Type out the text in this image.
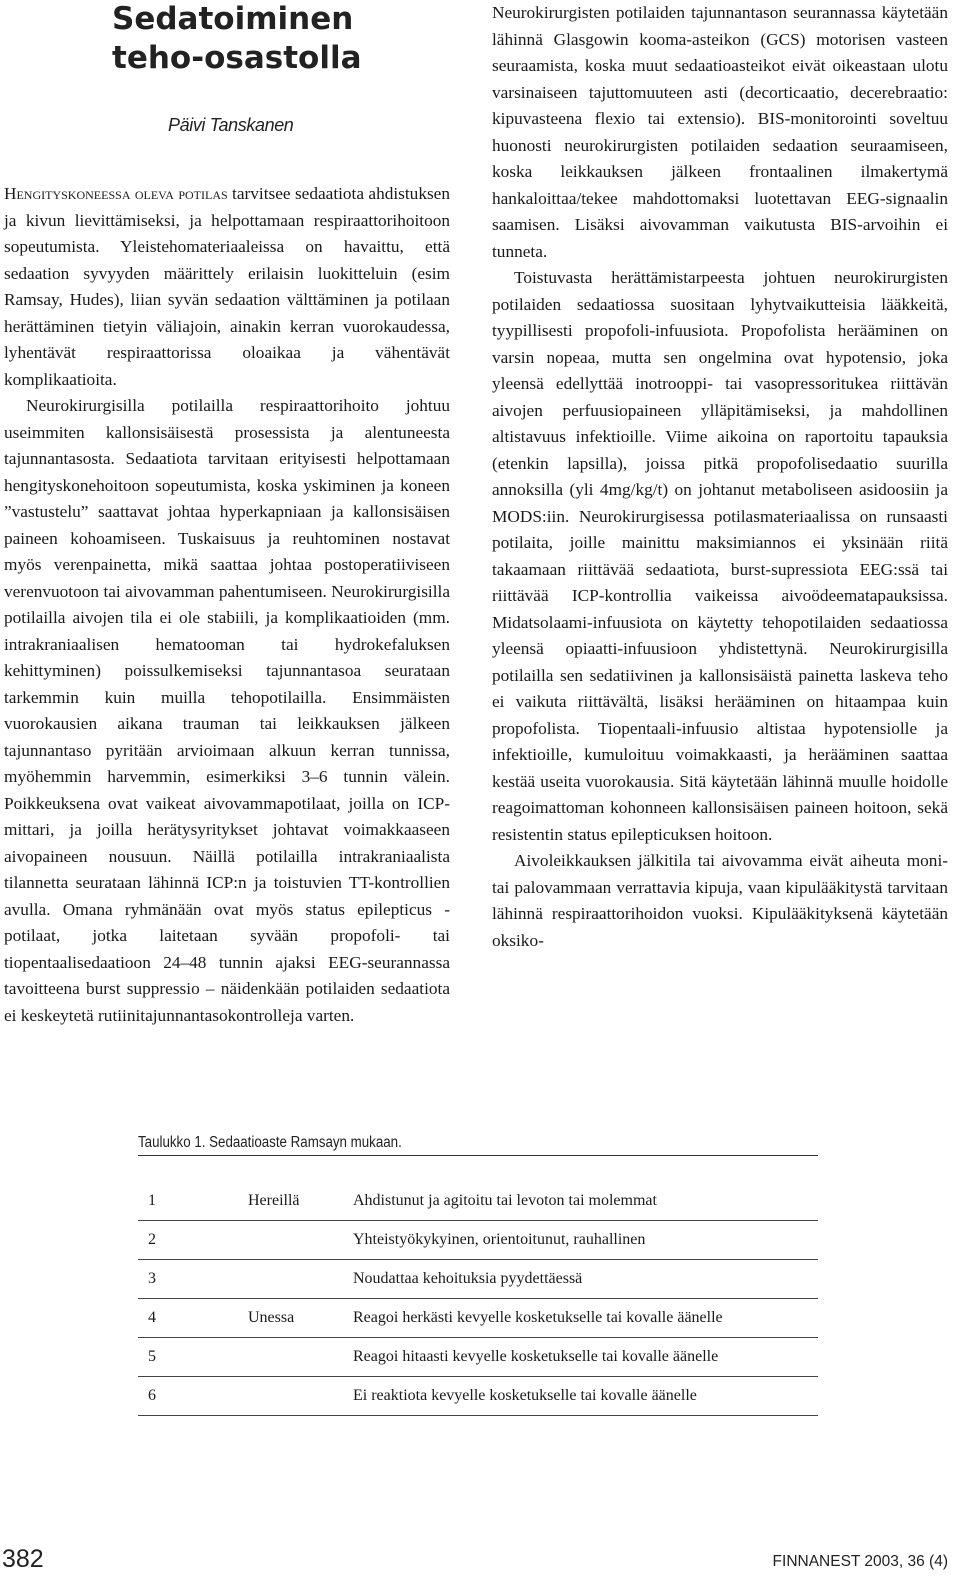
Sedatoiminen
teho-osastolla
Päivi Tanskanen

Hengityskoneessa oleva potilas tarvitsee sedaatiota ahdistuksen ja kivun lievittämiseksi, ja helpottamaan respiraattorihoitoon sopeutumista. Yleistehomateriaaleissa on havaittu, että sedaation syvyyden määrittely erilaisin luokitteluin (esim Ramsay, Hudes), liian syvän sedaation välttäminen ja potilaan herättäminen tietyin väliajoin, ainakin kerran vuorokaudessa, lyhentävät respiraattorissa oloaikaa ja vähentävät komplikaatioita.

Neurokirurgisilla potilailla respiraattorihoito johtuu useimmiten kallonsisäisestä prosessista ja alentuneesta tajunnantasosta. Sedaatiota tarvitaan erityisesti helpottamaan hengityskonehoitoon sopeutumista, koska yskiminen ja koneen ”vastustelu” saattavat johtaa hyperkapniaan ja kallonsisäisen paineen kohoamiseen. Tuskaisuus ja reuhtominen nostavat myös verenpainetta, mikä saattaa johtaa postoperatiiviseen verenvuotoon tai aivovamman pahentumiseen. Neurokirurgisilla potilailla aivojen tila ei ole stabiili, ja komplikaatioiden (mm. intrakraniaalisen hematooman tai hydrokefaluksen kehittyminen) poissulkemiseksi tajunnantasoa seurataan tarkemmin kuin muilla tehopotilailla. Ensimmäisten vuorokausien aikana trauman tai leikkauksen jälkeen tajunnantaso pyritään arvioimaan alkuun kerran tunnissa, myöhemmin harvemmin, esimerkiksi 3–6 tunnin välein. Poikkeuksena ovat vaikeat aivovammapotilaat, joilla on ICP-mittari, ja joilla herätysyritykset johtavat voimakkaaseen aivopaineen nousuun. Näillä potilailla intrakraniaalista tilannetta seurataan lähinnä ICP:n ja toistuvien TT-kontrollien avulla. Omana ryhmänään ovat myös status epilepticus -potilaat, jotka laitetaan syvään propofoli- tai tiopentaalisedaatioon 24–48 tunnin ajaksi EEG-seurannassa tavoitteena burst suppressio – näidenkään potilaiden sedaatiota ei keskeytetä rutiinitajunnantasokontrolleja varten.

Neurokirurgisten potilaiden tajunnantason seurannassa käytetään lähinnä Glasgowin kooma-asteikon (GCS) motorisen vasteen seuraamista, koska muut sedaatioasteikot eivät oikeastaan ulotu varsinaiseen tajuttomuuteen asti (decorticaatio, decerebraatio: kipuvasteena flexio tai extensio). BIS-monitorointi soveltuu huonosti neurokirurgisten potilaiden sedaation seuraamiseen, koska leikkauksen jälkeen frontaalinen ilmakertymä hankaloittaa/tekee mahdottomaksi luotettavan EEG-signaalin saamisen. Lisäksi aivovamman vaikutusta BIS-arvoihin ei tunneta.

Toistuvasta herättämistarpeesta johtuen neurokirurgisten potilaiden sedaatiossa suositaan lyhytvaikutteisia lääkkeitä, tyypillisesti propofoli-infuusiota. Propofolista herääminen on varsin nopeaa, mutta sen ongelmina ovat hypotensio, joka yleensä edellyttää inotrooppi- tai vasopressoritukea riittävän aivojen perfuusiopaineen ylläpitämiseksi, ja mahdollinen altistavuus infektioille. Viime aikoina on raportoitu tapauksia (etenkin lapsilla), joissa pitkä propofolisedaatio suurilla annoksilla (yli 4mg/kg/t) on johtanut metaboliseen asidoosiin ja MODS:iin. Neurokirurgisessa potilasmateriaalissa on runsaasti potilaita, joille mainittu maksimiannos ei yksinään riitä takaamaan riittävää sedaatiota, burst-supressiota EEG:ssä tai riittävää ICP-kontrollia vaikeissa aivoödeematapauksissa. Midatsolaami-infuusiota on käytetty tehopotilaiden sedaatiossa yleensä opiaatti-infuusioon yhdistettynä. Neurokirurgisilla potilailla sen sedatiivinen ja kallonsisäistä painetta laskeva teho ei vaikuta riittävältä, lisäksi herääminen on hitaampaa kuin propofolista. Tiopentaali-infuusio altistaa hypotensiolle ja infektioille, kumuloituu voimakkaasti, ja herääminen saattaa kestää useita vuorokausia. Sitä käytetään lähinnä muulle hoidolle reagoimattoman kohonneen kallonsisäisen paineen hoitoon, sekä resistentin status epilepticuksen hoitoon.

Aivoleikkauksen jälkitila tai aivovamma eivät aiheuta moni- tai palovammaan verrattavia kipuja, vaan kipulääkitystä tarvitaan lähinnä respiraattorihoidon vuoksi. Kipulääkityksenä käytetään oksiko-

Taulukko 1. Sedaatioaste Ramsayn mukaan.
1	Hereillä	Ahdistunut ja agitoitu tai levoton tai molemmat
2		Yhteistyökykyinen, orientoitunut, rauhallinen
3		Noudattaa kehoituksia pyydettäessä
4	Unessa	Reagoi herkästi kevyelle kosketukselle tai kovalle äänelle
5		Reagoi hitaasti kevyelle kosketukselle tai kovalle äänelle
6		Ei reaktiota kevyelle kosketukselle tai kovalle äänelle
382	FINNANEST 2003, 36 (4)
